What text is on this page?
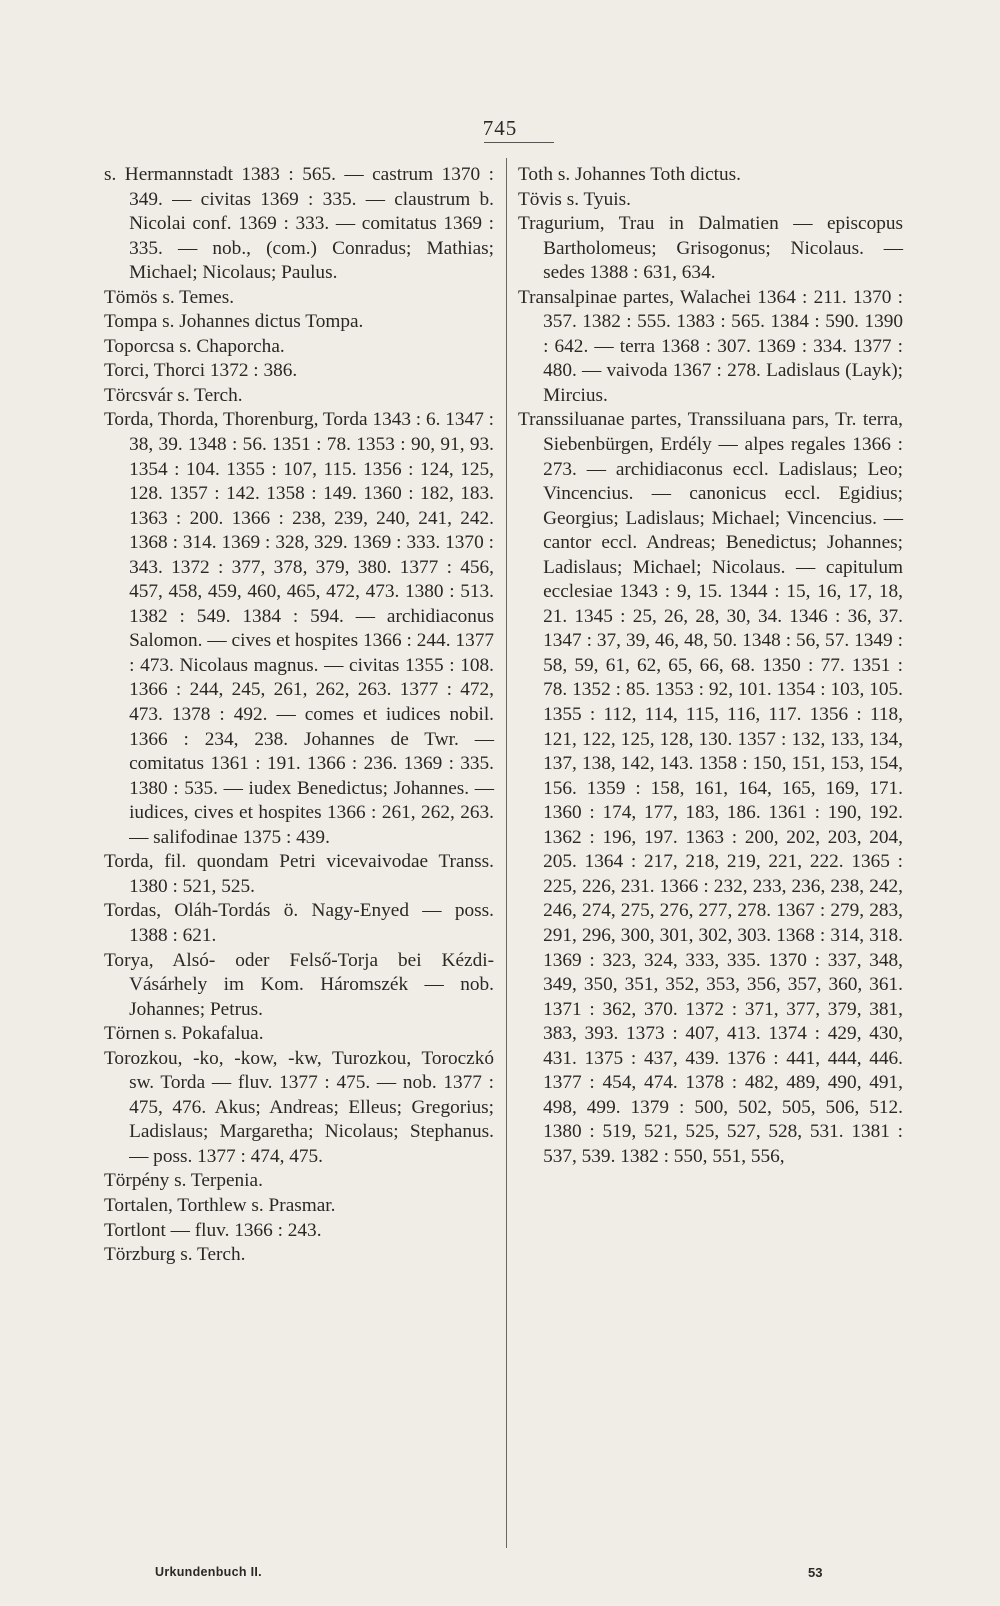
745

s. Hermannstadt 1383 : 565. — castrum 1370 : 349. — civitas 1369 : 335. — claustrum b. Nicolai conf. 1369 : 333. — comitatus 1369 : 335. — nob., (com.) Conradus; Mathias; Michael; Nicolaus; Paulus.

Tömös s. Temes.

Tompa s. Johannes dictus Tompa.

Toporcsa s. Chaporcha.

Torci, Thorci 1372 : 386.

Törcsvár s. Terch.

Torda, Thorda, Thorenburg, Torda 1343 : 6. 1347 : 38, 39. 1348 : 56. 1351 : 78. 1353 : 90, 91, 93. 1354 : 104. 1355 : 107, 115. 1356 : 124, 125, 128. 1357 : 142. 1358 : 149. 1360 : 182, 183. 1363 : 200. 1366 : 238, 239, 240, 241, 242. 1368 : 314. 1369 : 328, 329. 1369 : 333. 1370 : 343. 1372 : 377, 378, 379, 380. 1377 : 456, 457, 458, 459, 460, 465, 472, 473. 1380 : 513. 1382 : 549. 1384 : 594. — archidiaconus Salomon. — cives et hospites 1366 : 244. 1377 : 473. Nicolaus magnus. — civitas 1355 : 108. 1366 : 244, 245, 261, 262, 263. 1377 : 472, 473. 1378 : 492. — comes et iudices nobil. 1366 : 234, 238. Johannes de Twr. — comitatus 1361 : 191. 1366 : 236. 1369 : 335. 1380 : 535. — iudex Benedictus; Johannes. — iudices, cives et hospites 1366 : 261, 262, 263. — salifodinae 1375 : 439.

Torda, fil. quondam Petri vicevaivodae Transs. 1380 : 521, 525.

Tordas, Oláh-Tordás ö. Nagy-Enyed — poss. 1388 : 621.

Torya, Alsó- oder Felső-Torja bei Kézdi-Vásárhely im Kom. Háromszék — nob. Johannes; Petrus.

Törnen s. Pokafalua.

Torozkou, -ko, -kow, -kw, Turozkou, Toroczkó sw. Torda — fluv. 1377 : 475. — nob. 1377 : 475, 476. Akus; Andreas; Elleus; Gregorius; Ladislaus; Margaretha; Nicolaus; Stephanus. — poss. 1377 : 474, 475.

Törpény s. Terpenia.

Tortalen, Torthlew s. Prasmar.

Tortlont — fluv. 1366 : 243.

Törzburg s. Terch.

Toth s. Johannes Toth dictus.

Tövis s. Tyuis.

Tragurium, Trau in Dalmatien — episcopus Bartholomeus; Grisogonus; Nicolaus. — sedes 1388 : 631, 634.

Transalpinae partes, Walachei 1364 : 211. 1370 : 357. 1382 : 555. 1383 : 565. 1384 : 590. 1390 : 642. — terra 1368 : 307. 1369 : 334. 1377 : 480. — vaivoda 1367 : 278. Ladislaus (Layk); Mircius.

Transsiluanae partes, Transsiluana pars, Tr. terra, Siebenbürgen, Erdély — alpes regales 1366 : 273. — archidiaconus eccl. Ladislaus; Leo; Vincencius. — canonicus eccl. Egidius; Georgius; Ladislaus; Michael; Vincencius. — cantor eccl. Andreas; Benedictus; Johannes; Ladislaus; Michael; Nicolaus. — capitulum ecclesiae 1343 : 9, 15. 1344 : 15, 16, 17, 18, 21. 1345 : 25, 26, 28, 30, 34. 1346 : 36, 37. 1347 : 37, 39, 46, 48, 50. 1348 : 56, 57. 1349 : 58, 59, 61, 62, 65, 66, 68. 1350 : 77. 1351 : 78. 1352 : 85. 1353 : 92, 101. 1354 : 103, 105. 1355 : 112, 114, 115, 116, 117. 1356 : 118, 121, 122, 125, 128, 130. 1357 : 132, 133, 134, 137, 138, 142, 143. 1358 : 150, 151, 153, 154, 156. 1359 : 158, 161, 164, 165, 169, 171. 1360 : 174, 177, 183, 186. 1361 : 190, 192. 1362 : 196, 197. 1363 : 200, 202, 203, 204, 205. 1364 : 217, 218, 219, 221, 222. 1365 : 225, 226, 231. 1366 : 232, 233, 236, 238, 242, 246, 274, 275, 276, 277, 278. 1367 : 279, 283, 291, 296, 300, 301, 302, 303. 1368 : 314, 318. 1369 : 323, 324, 333, 335. 1370 : 337, 348, 349, 350, 351, 352, 353, 356, 357, 360, 361. 1371 : 362, 370. 1372 : 371, 377, 379, 381, 383, 393. 1373 : 407, 413. 1374 : 429, 430, 431. 1375 : 437, 439. 1376 : 441, 444, 446. 1377 : 454, 474. 1378 : 482, 489, 490, 491, 498, 499. 1379 : 500, 502, 505, 506, 512. 1380 : 519, 521, 525, 527, 528, 531. 1381 : 537, 539. 1382 : 550, 551, 556,

Urkundenbuch II.	53
